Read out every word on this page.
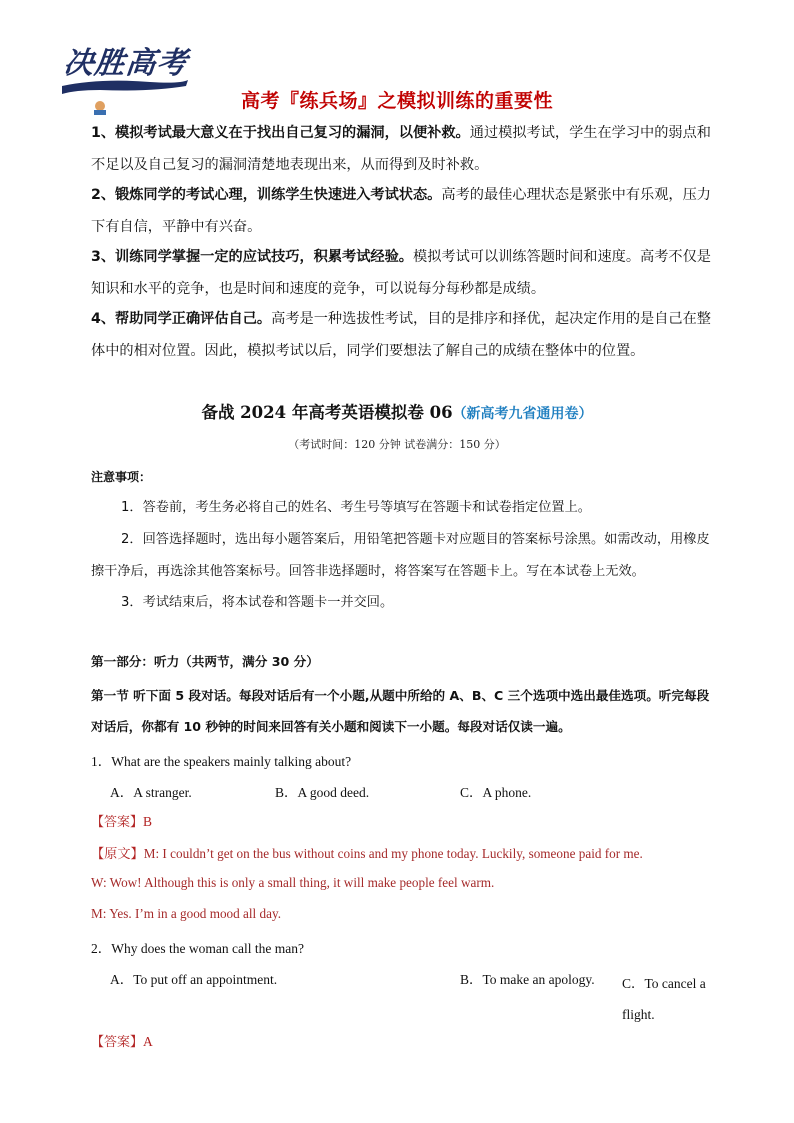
决胜高考
高考『练兵场』之模拟训练的重要性
1、模拟考试最大意义在于找出自己复习的漏洞，以便补救。通过模拟考试，学生在学习中的弱点和不足以及自己复习的漏洞清楚地表现出来，从而得到及时补救。
2、锻炼同学的考试心理，训练学生快速进入考试状态。高考的最佳心理状态是紧张中有乐观，压力下有自信，平静中有兴奋。
3、训练同学掌握一定的应试技巧，积累考试经验。模拟考试可以训练答题时间和速度。高考不仅是知识和水平的竞争，也是时间和速度的竞争，可以说每分每秒都是成绩。
4、帮助同学正确评估自己。高考是一种选拔性考试，目的是排序和择优，起决定作用的是自己在整体中的相对位置。因此，模拟考试以后，同学们要想法了解自己的成绩在整体中的位置。
备战 2024 年高考英语模拟卷 06（新高考九省通用卷）
（考试时间：120 分钟 试卷满分：150 分）
注意事项：
1．答卷前，考生务必将自己的姓名、考生号等填写在答题卡和试卷指定位置上。
2．回答选择题时，选出每小题答案后，用铅笔把答题卡对应题目的答案标号涂黑。如需改动，用橡皮擦干净后，再选涂其他答案标号。回答非选择题时，将答案写在答题卡上。写在本试卷上无效。
3．考试结束后，将本试卷和答题卡一并交回。
第一部分：听力（共两节，满分 30 分）
第一节 听下面 5 段对话。每段对话后有一个小题,从题中所给的 A、B、C 三个选项中选出最佳选项。听完每段对话后，你都有 10 秒钟的时间来回答有关小题和阅读下一小题。每段对话仅读一遍。
1．What are the speakers mainly talking about?
A．A stranger.	B．A good deed.	C．A phone.
【答案】B
【原文】M: I couldn’t get on the bus without coins and my phone today. Luckily, someone paid for me.
W: Wow! Although this is only a small thing, it will make people feel warm.
M: Yes. I’m in a good mood all day.
2．Why does the woman call the man?
A．To put off an appointment.	B．To make an apology. C．To cancel a flight.
【答案】A
